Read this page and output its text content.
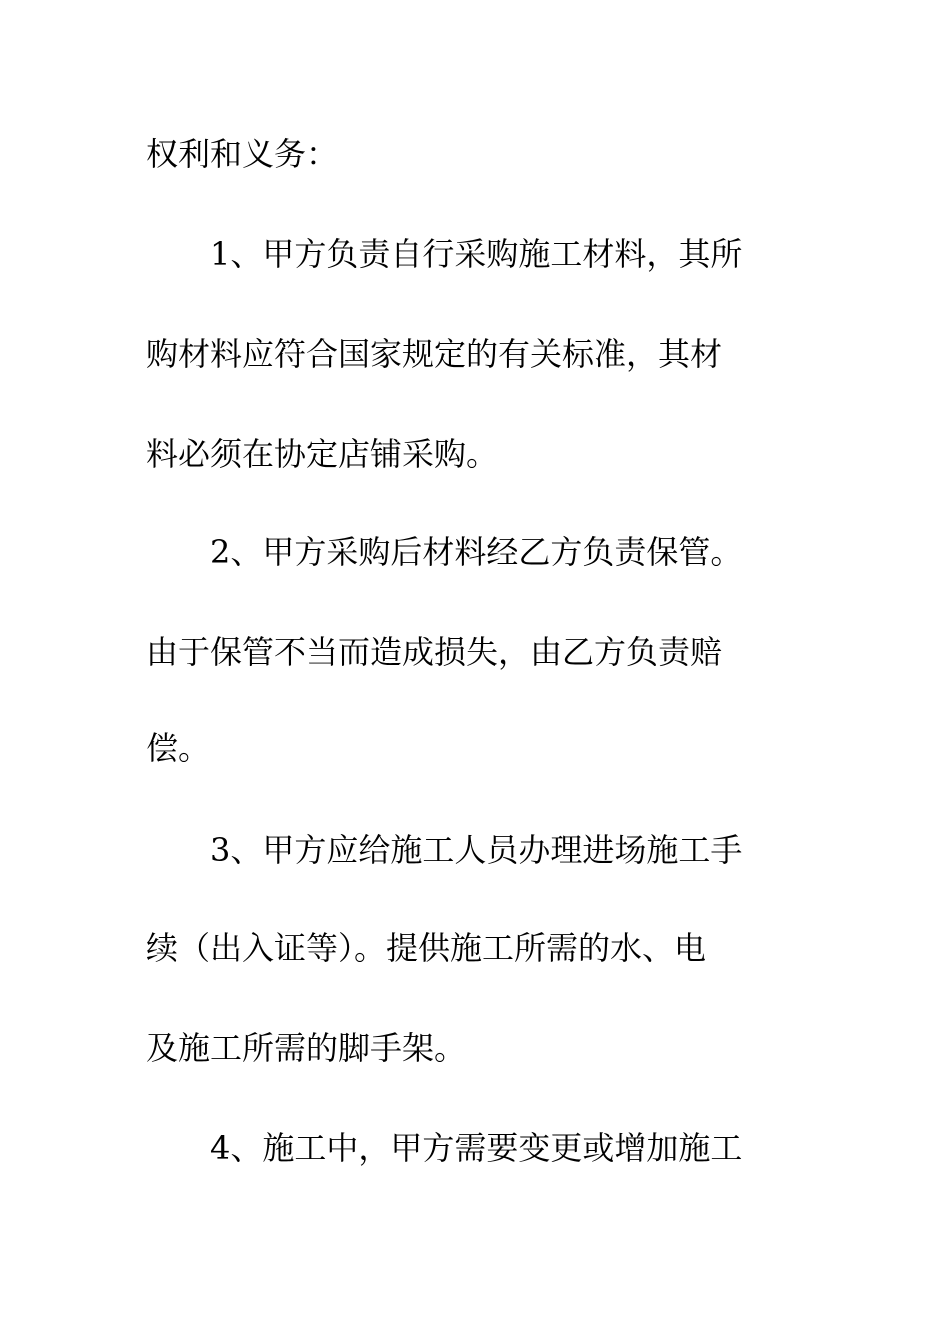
权利和义务：
1、甲方负责自行采购施工材料，其所
购材料应符合国家规定的有关标准，其材
料必须在协定店铺采购。
2、甲方采购后材料经乙方负责保管。
由于保管不当而造成损失，由乙方负责赔
偿。
3、甲方应给施工人员办理进场施工手
续（出入证等）。提供施工所需的水、电
及施工所需的脚手架。
4、施工中，甲方需要变更或增加施工
